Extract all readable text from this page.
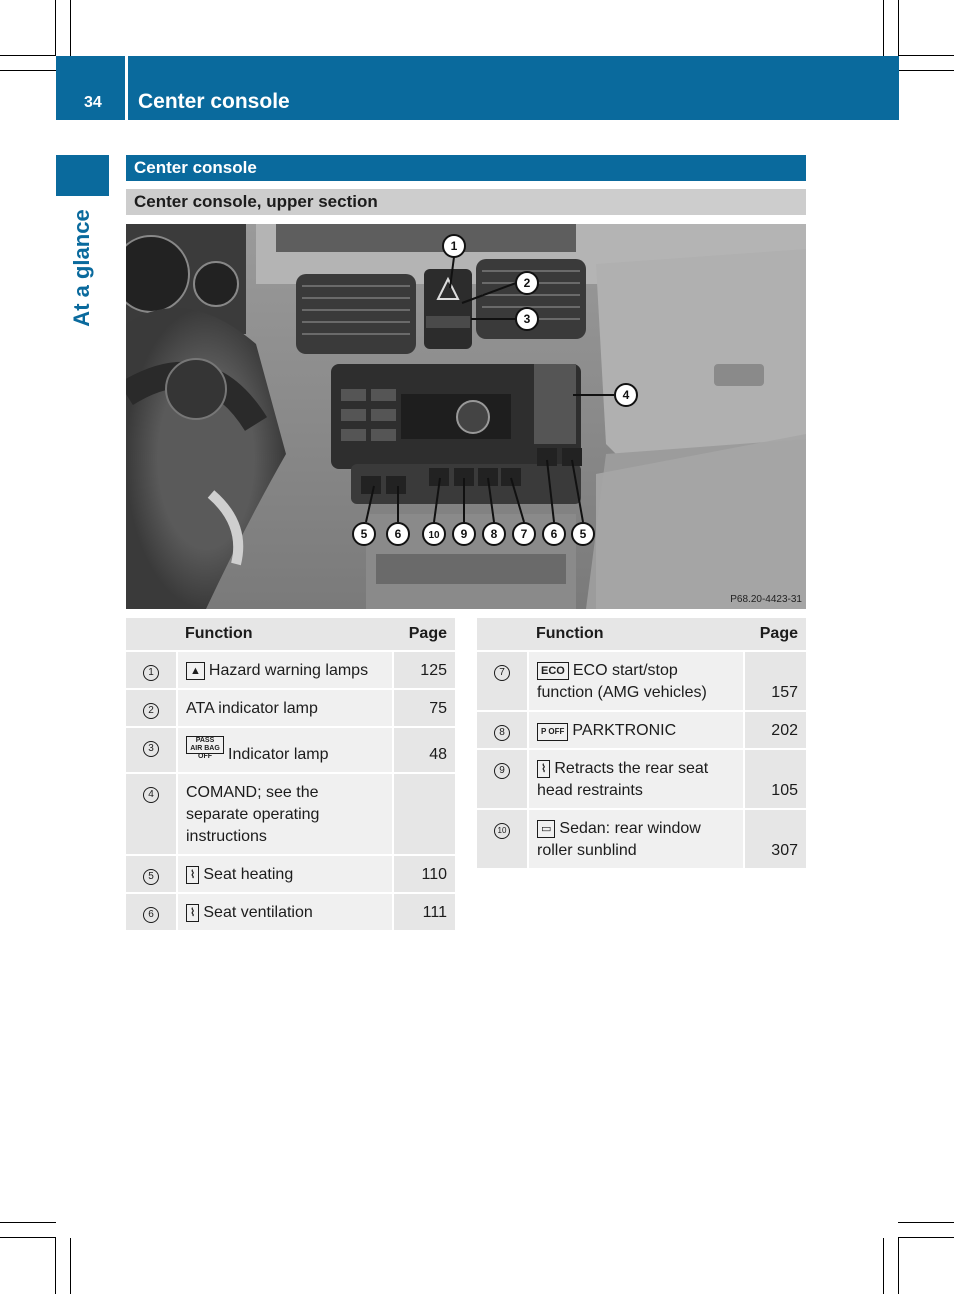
34 Center console
At a glance
Center console
Center console, upper section
1
2
3
4
5 6	10 9 8 7 6 5
P68.20-4423-31
	Function	Page
1	▲ Hazard warning lamps	125
2	ATA indicator lamp	75
3	PASS AIR BAG OFF Indicator lamp	48
4	COMAND; see the separate operating instructions	
5	⌇ Seat heating	110
6	⌇ Seat ventilation	111
	Function	Page
7	ECO ECO start/stop function (AMG vehicles)	157
8	P OFF PARKTRONIC	202
9	⌇ Retracts the rear seat head restraints	105
10	▭ Sedan: rear window roller sunblind	307
